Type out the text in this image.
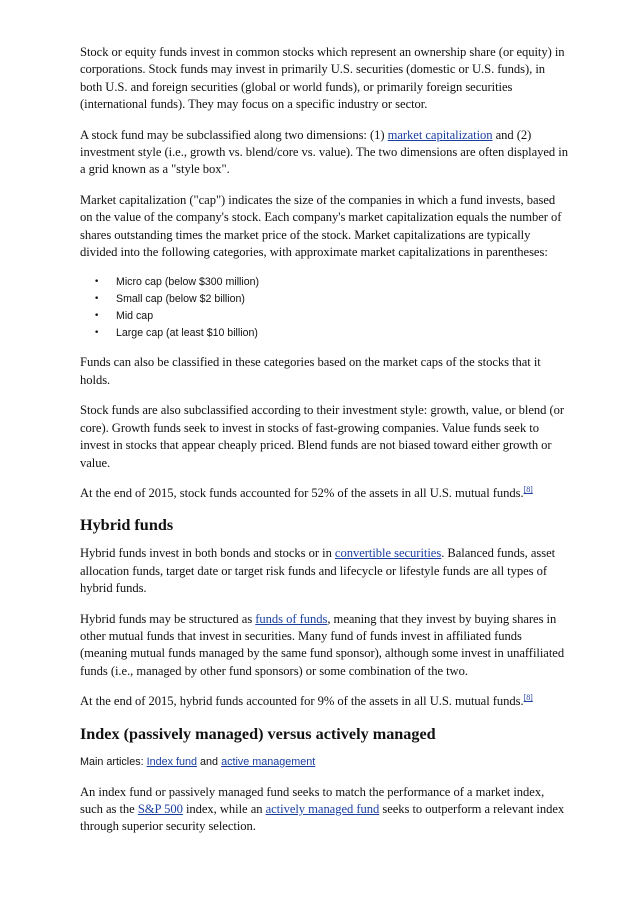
Stock or equity funds invest in common stocks which represent an ownership share (or equity) in corporations. Stock funds may invest in primarily U.S. securities (domestic or U.S. funds), in both U.S. and foreign securities (global or world funds), or primarily foreign securities (international funds). They may focus on a specific industry or sector.

A stock fund may be subclassified along two dimensions: (1) market capitalization and (2) investment style (i.e., growth vs. blend/core vs. value). The two dimensions are often displayed in a grid known as a "style box".

Market capitalization ("cap") indicates the size of the companies in which a fund invests, based on the value of the company's stock. Each company's market capitalization equals the number of shares outstanding times the market price of the stock. Market capitalizations are typically divided into the following categories, with approximate market capitalizations in parentheses:

• Micro cap (below $300 million)
• Small cap (below $2 billion)
• Mid cap
• Large cap (at least $10 billion)

Funds can also be classified in these categories based on the market caps of the stocks that it holds.

Stock funds are also subclassified according to their investment style: growth, value, or blend (or core). Growth funds seek to invest in stocks of fast-growing companies. Value funds seek to invest in stocks that appear cheaply priced. Blend funds are not biased toward either growth or value.

At the end of 2015, stock funds accounted for 52% of the assets in all U.S. mutual funds.[8]

Hybrid funds

Hybrid funds invest in both bonds and stocks or in convertible securities. Balanced funds, asset allocation funds, target date or target risk funds and lifecycle or lifestyle funds are all types of hybrid funds.

Hybrid funds may be structured as funds of funds, meaning that they invest by buying shares in other mutual funds that invest in securities. Many fund of funds invest in affiliated funds (meaning mutual funds managed by the same fund sponsor), although some invest in unaffiliated funds (i.e., managed by other fund sponsors) or some combination of the two.

At the end of 2015, hybrid funds accounted for 9% of the assets in all U.S. mutual funds.[8]

Index (passively managed) versus actively managed
Main articles: Index fund and active management

An index fund or passively managed fund seeks to match the performance of a market index, such as the S&P 500 index, while an actively managed fund seeks to outperform a relevant index through superior security selection.
